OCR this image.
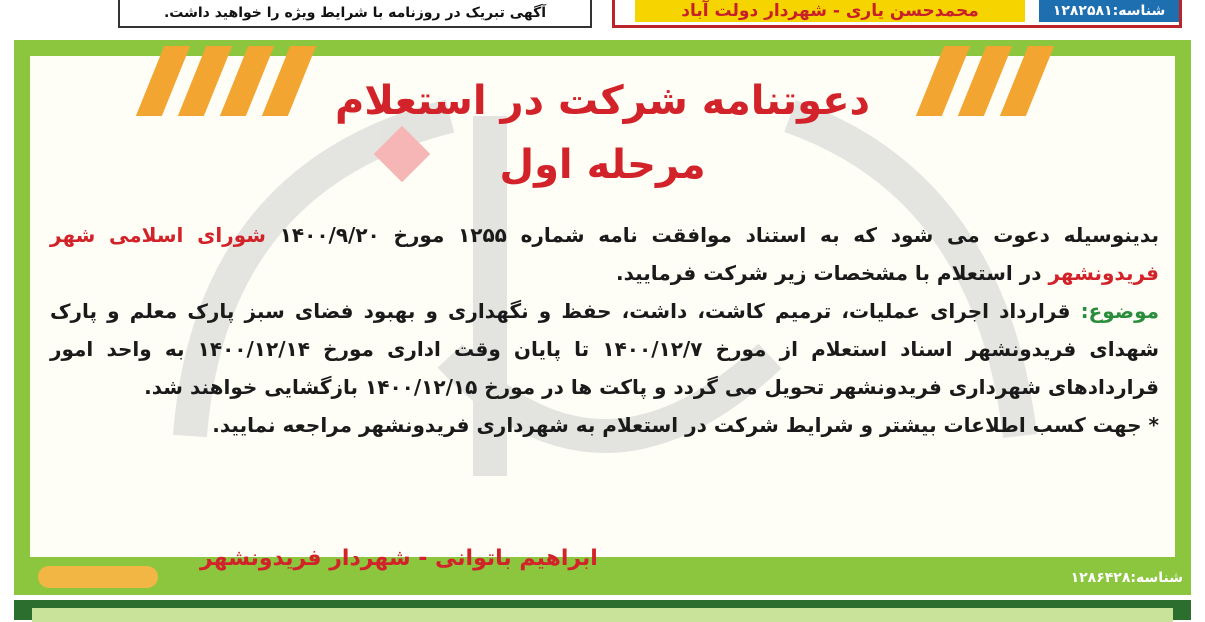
آگهی تبریک در روزنامه با شرایط ویژه را خواهید داشت.	محمدحسن یاری - شهردار دولت آباد	شناسه:۱۲۸۲۵۸۱
دعوتنامه شرکت در استعلام
مرحله اول

بدینوسیله دعوت می شود که به استناد موافقت نامه شماره ۱۲۵۵ مورخ ۱۴۰۰/۹/۲۰ شورای اسلامی شهر فریدونشهر در استعلام با مشخصات زیر شرکت فرمایید.

موضوع: قرارداد اجرای عملیات، ترمیم کاشت، داشت، حفظ و نگهداری و بهبود فضای سبز پارک معلم و پارک شهدای فریدونشهر اسناد استعلام از مورخ ۱۴۰۰/۱۲/۷ تا پایان وقت اداری مورخ ۱۴۰۰/۱۲/۱۴ به واحد امور قراردادهای شهرداری فریدونشهر تحویل می گردد و پاکت ها در مورخ ۱۴۰۰/۱۲/۱۵ بازگشایی خواهند شد.

* جهت کسب اطلاعات بیشتر و شرایط شرکت در استعلام به شهرداری فریدونشهر مراجعه نمایید.

ابراهیم باتوانی - شهردار فریدونشهر
شناسه:۱۲۸۶۴۲۸
